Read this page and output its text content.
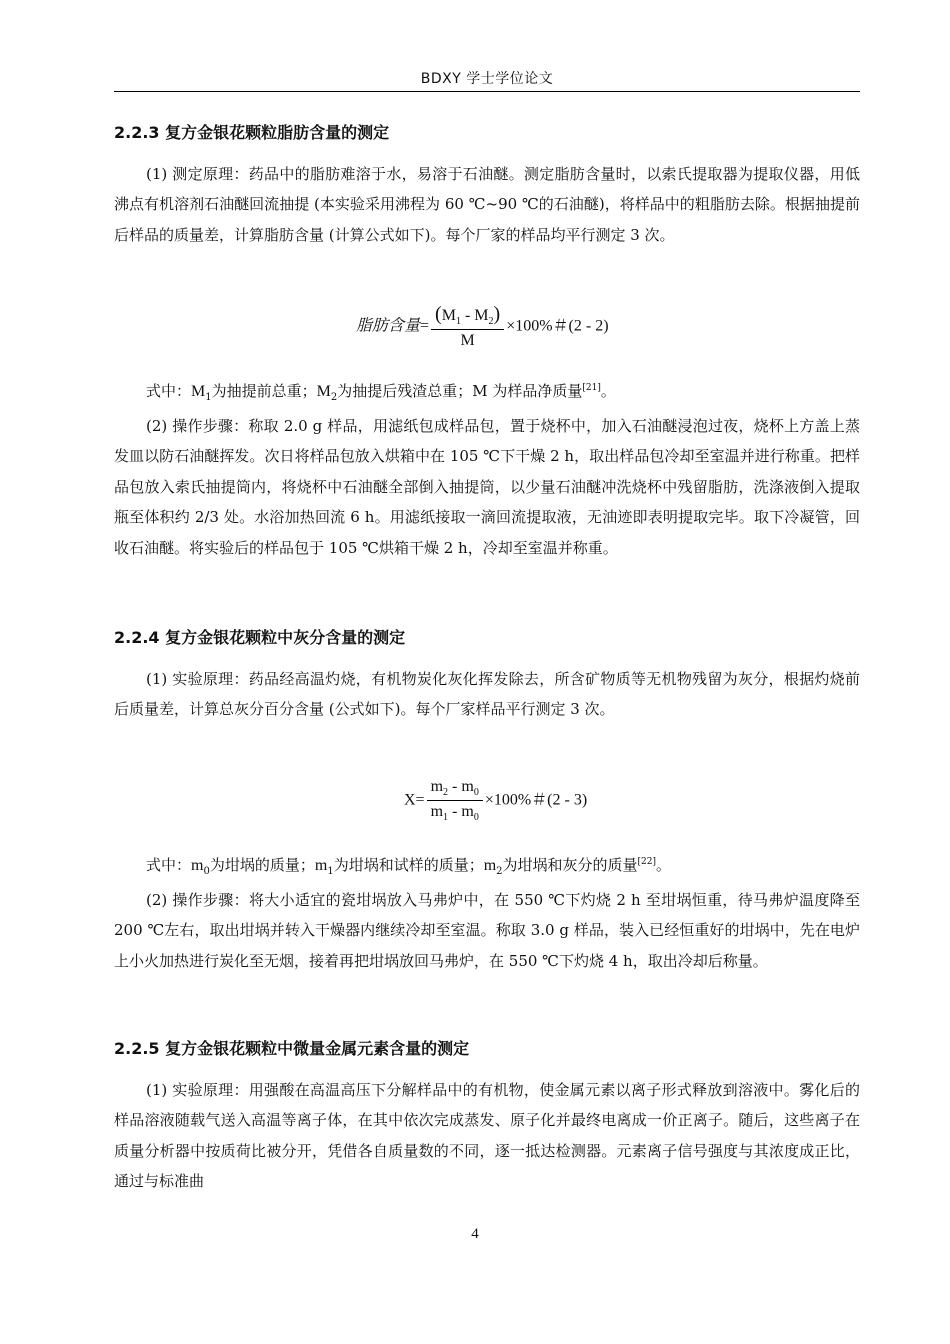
BDXY 学士学位论文
2.2.3 复方金银花颗粒脂肪含量的测定
(1) 测定原理：药品中的脂肪难溶于水，易溶于石油醚。测定脂肪含量时，以索氏提取器为提取仪器，用低沸点有机溶剂石油醚回流抽提 (本实验采用沸程为 60 ℃~90 ℃的石油醚)，将样品中的粗脂肪去除。根据抽提前后样品的质量差，计算脂肪含量 (计算公式如下)。每个厂家的样品均平行测定 3 次。
脂肪含量= $\frac{(M_1 - M_2)}{M} \times 100\%$＃(2 - 2)
式中：$M_1$为抽提前总重；$M_2$为抽提后残渣总重；M 为样品净质量[21]。
(2) 操作步骤：称取 2.0 g 样品，用滤纸包成样品包，置于烧杯中，加入石油醚浸泡过夜，烧杯上方盖上蒸发皿以防石油醚挥发。次日将样品包放入烘箱中在 105 ℃下干燥 2 h，取出样品包冷却至室温并进行称重。把样品包放入索氏抽提筒内，将烧杯中石油醚全部倒入抽提筒，以少量石油醚冲洗烧杯中残留脂肪，洗涤液倒入提取瓶至体积约 2/3 处。水浴加热回流 6 h。用滤纸接取一滴回流提取液，无油迹即表明提取完毕。取下冷凝管，回收石油醚。将实验后的样品包于 105 ℃烘箱干燥 2 h，冷却至室温并称重。
2.2.4 复方金银花颗粒中灰分含量的测定
(1) 实验原理：药品经高温灼烧，有机物炭化灰化挥发除去，所含矿物质等无机物残留为灰分，根据灼烧前后质量差，计算总灰分百分含量 (公式如下)。每个厂家样品平行测定 3 次。
$X= \frac{m_2 - m_0}{m_1 - m_0} \times 100\%$＃(2 - 3)
式中：$m_0$为坩埚的质量；$m_1$为坩埚和试样的质量；$m_2$为坩埚和灰分的质量[22]。
(2) 操作步骤：将大小适宜的瓷坩埚放入马弗炉中，在 550 ℃下灼烧 2 h 至坩埚恒重，待马弗炉温度降至 200 ℃左右，取出坩埚并转入干燥器内继续冷却至室温。称取 3.0 g 样品，装入已经恒重好的坩埚中，先在电炉上小火加热进行炭化至无烟，接着再把坩埚放回马弗炉，在 550 ℃下灼烧 4 h，取出冷却后称量。
2.2.5 复方金银花颗粒中微量金属元素含量的测定
(1) 实验原理：用强酸在高温高压下分解样品中的有机物，使金属元素以离子形式释放到溶液中。雾化后的样品溶液随载气送入高温等离子体，在其中依次完成蒸发、原子化并最终电离成一价正离子。随后，这些离子在质量分析器中按质荷比被分开，凭借各自质量数的不同，逐一抵达检测器。元素离子信号强度与其浓度成正比，通过与标准曲
4
